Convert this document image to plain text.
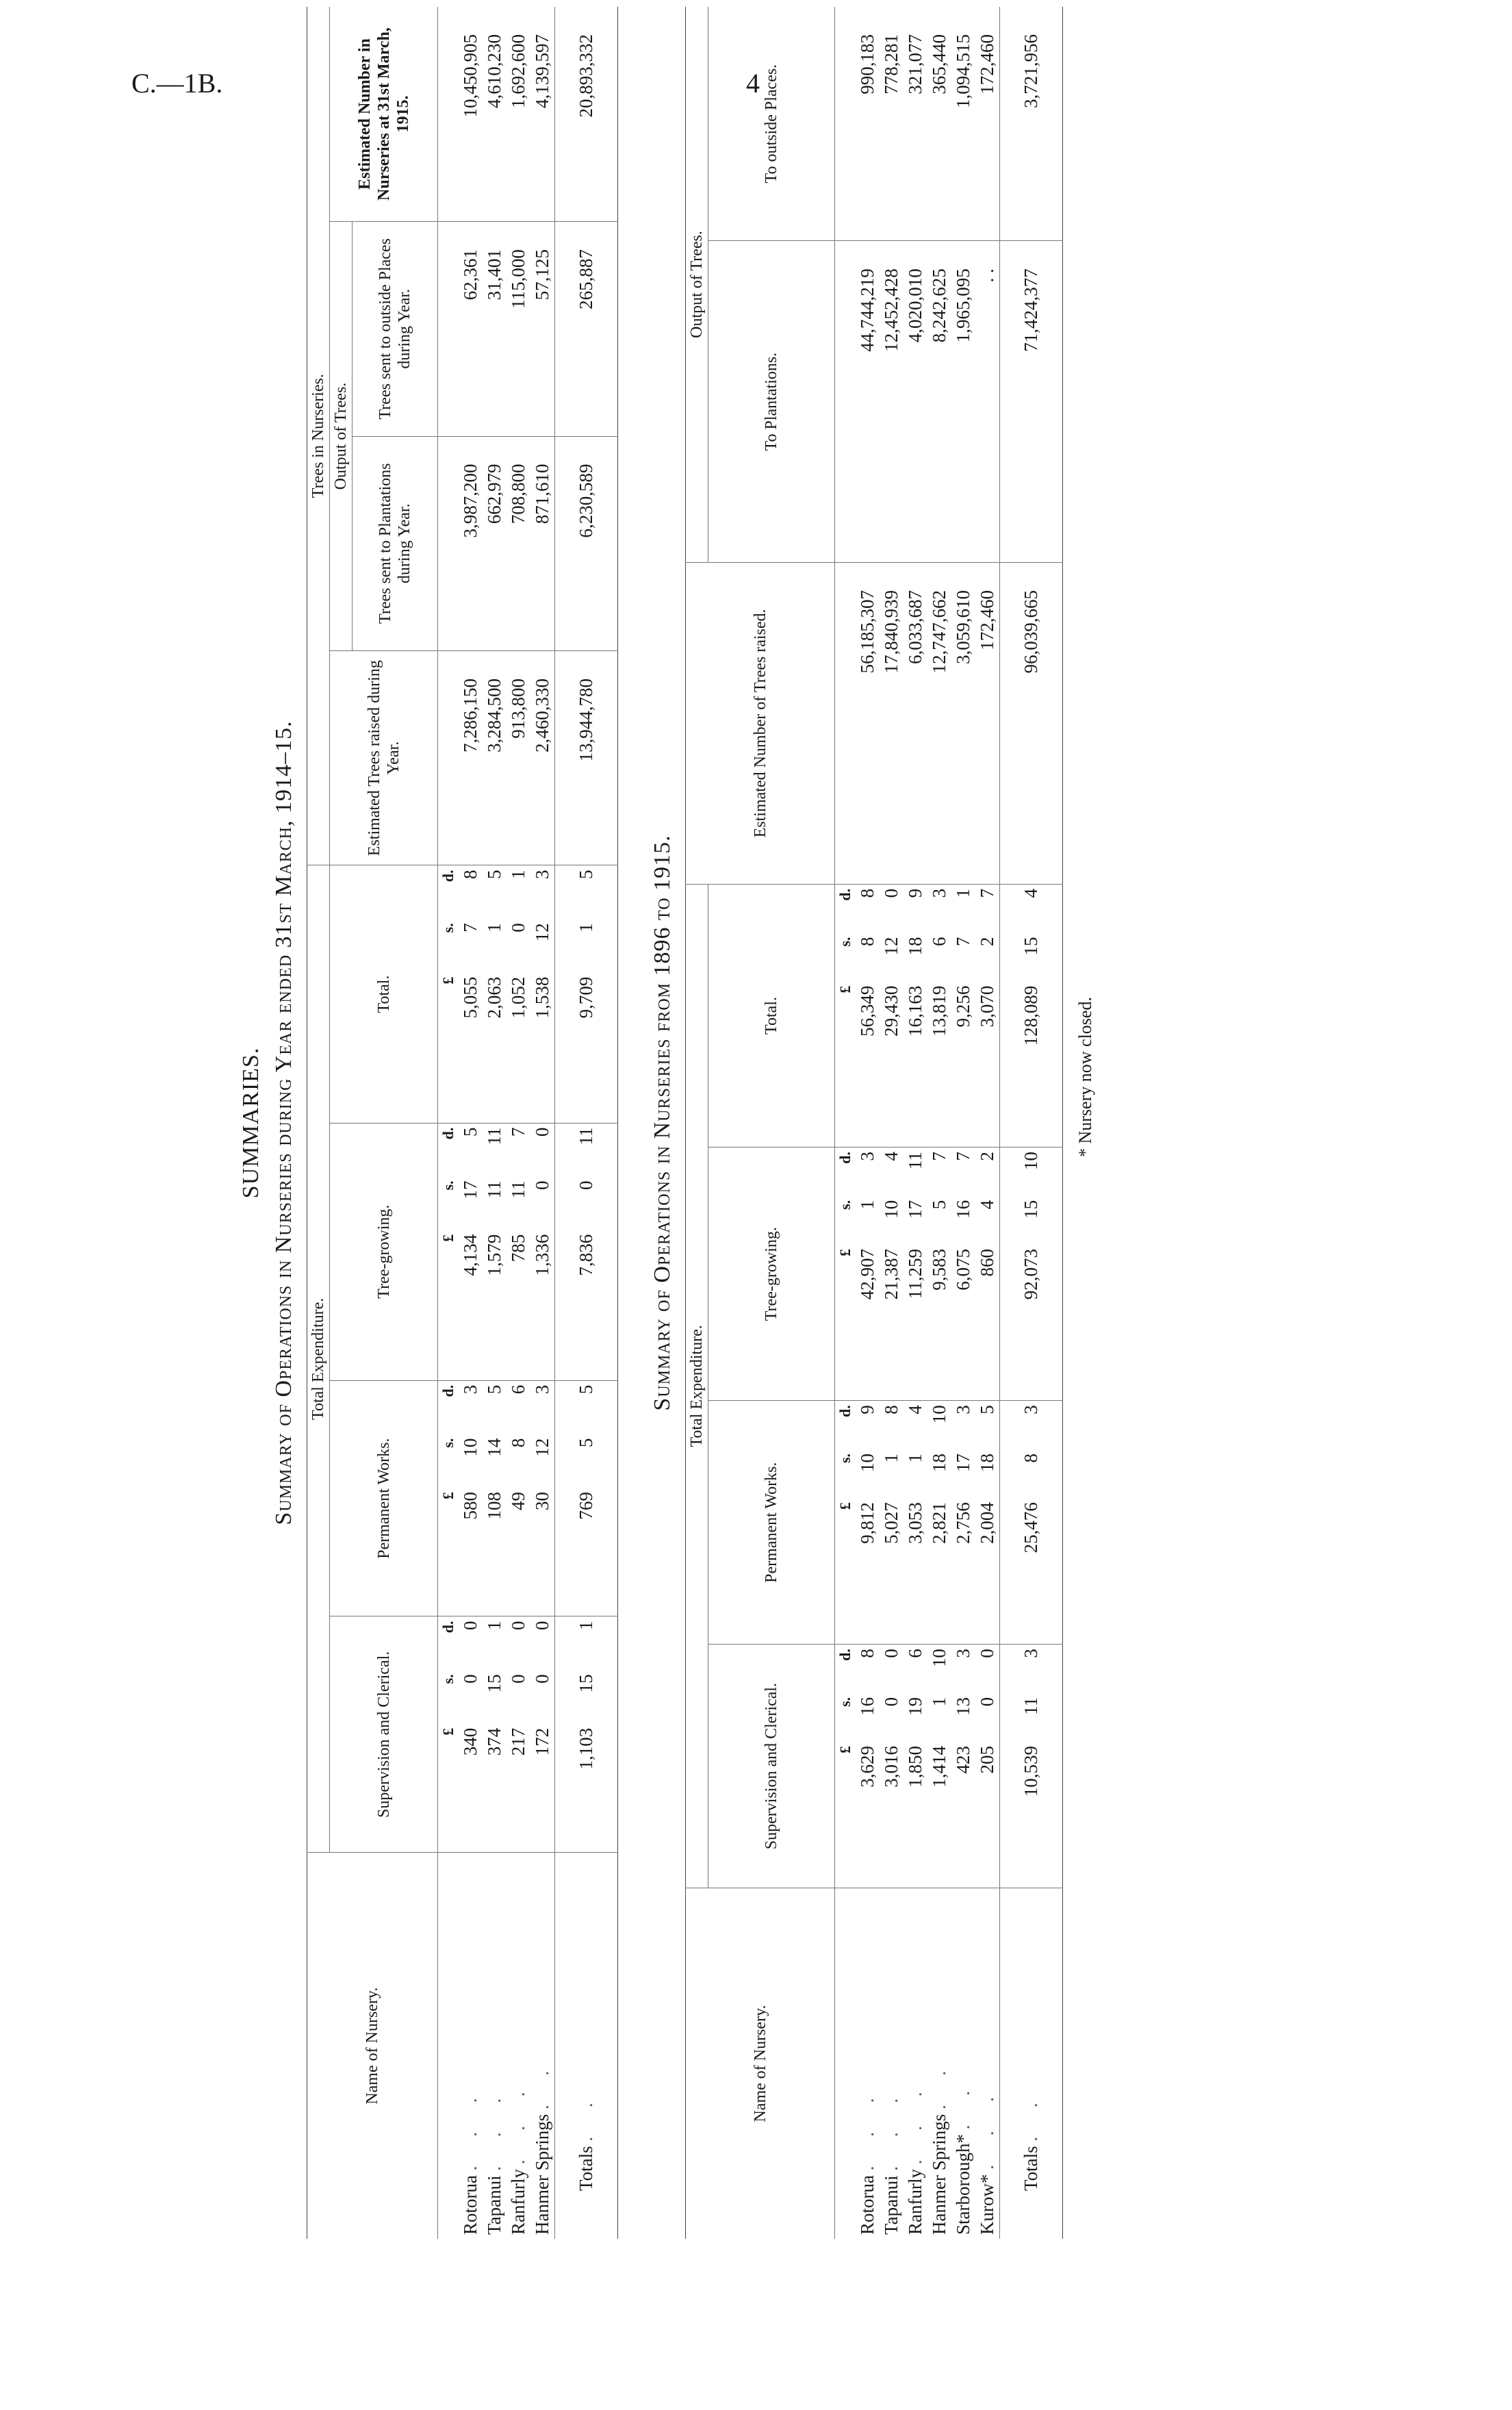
C.—1B.	4
SUMMARIES. Summary of Operations in Nurseries during Year ended 31st March, 1914–15.
Name of Nursery.	Total Expenditure.												Trees in Nurseries.			
	Supervision and Clerical.			Permanent Works.			Tree-growing.			Total.			Estimated Trees raised during Year.	Output of Trees.		Estimated Number in Nurseries at 31st March, 1915.
														Trees sent to Plantations during Year.	Trees sent to outside Places during Year.	
	£	s.	d.	£	s.	d.	£	s.	d.	£	s.	d.				
Rotorua . . .	340	0	0	580	10	3	4,134	17	5	5,055	7	8	7,286,150	3,987,200	62,361	10,450,905
Tapanui . . .	374	15	1	108	14	5	1,579	11	11	2,063	1	5	3,284,500	662,979	31,401	4,610,230
Ranfurly . . .	217	0	0	49	8	6	785	11	7	1,052	0	1	913,800	708,800	115,000	1,692,600
Hanmer Springs . .	172	0	0	30	12	3	1,336	0	0	1,538	12	3	2,460,330	871,610	57,125	4,139,597
Totals . .	1,103	15	1	769	5	5	7,836	0	11	9,709	1	5	13,944,780	6,230,589	265,887	20,893,332
Summary of Operations in Nurseries from 1896 to 1915.
Name of Nursery.	Total Expenditure.												Estimated Number of Trees raised.	Output of Trees.	
	Supervision and Clerical.			Permanent Works.			Tree-growing.			Total.				To Plantations.	To outside Places.
	£	s.	d.	£	s.	d.	£	s.	d.	£	s.	d.			
Rotorua . . .	3,629	16	8	9,812	10	9	42,907	1	3	56,349	8	8	56,185,307	44,744,219	990,183
Tapanui . . .	3,016	0	0	5,027	1	8	21,387	10	4	29,430	12	0	17,840,939	12,452,428	778,281
Ranfurly . . .	1,850	19	6	3,053	1	4	11,259	17	11	16,163	18	9	6,033,687	4,020,010	321,077
Hanmer Springs . .	1,414	1	10	2,821	18	10	9,583	5	7	13,819	6	3	12,747,662	8,242,625	365,440
Starborough* . .	423	13	3	2,756	17	3	6,075	16	7	9,256	7	1	3,059,610	1,965,095	1,094,515
Kurow* . . .	205	0	0	2,004	18	5	860	4	2	3,070	2	7	172,460	. .	172,460
Totals . .	10,539	11	3	25,476	8	3	92,073	15	10	128,089	15	4	96,039,665	71,424,377	3,721,956
* Nursery now closed.
